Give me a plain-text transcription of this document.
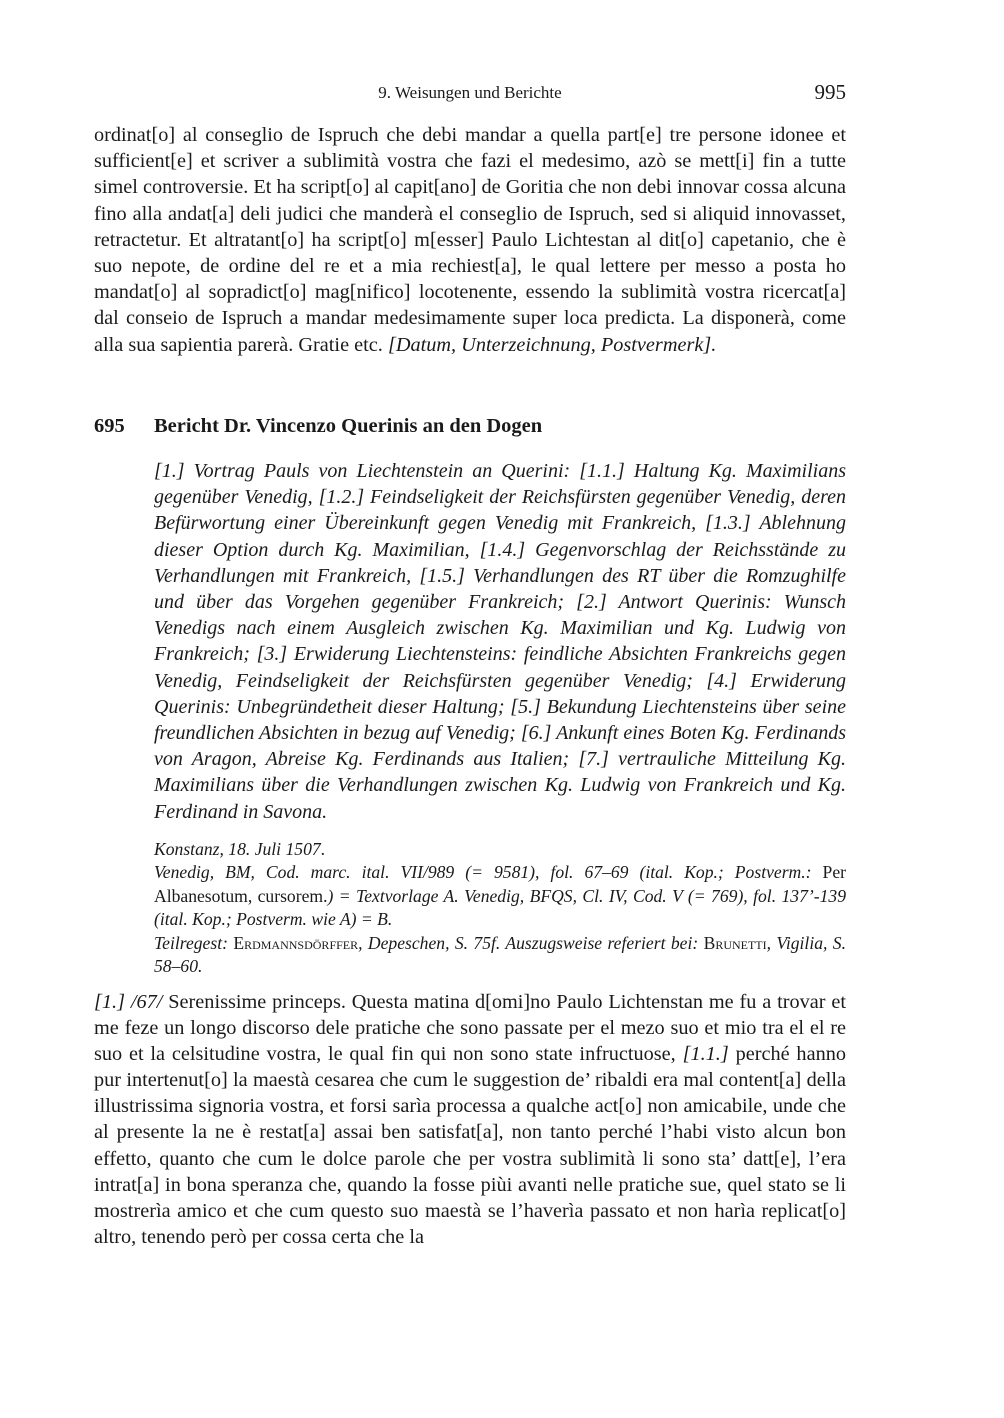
9. Weisungen und Berichte	995

ordinat[o] al conseglio de Ispruch che debi mandar a quella part[e] tre persone idonee et sufficient[e] et scriver a sublimità vostra che fazi el medesimo, azò se mett[i] fin a tutte simel controversie. Et ha script[o] al capit[ano] de Goritia che non debi innovar cossa alcuna fino alla andat[a] deli judici che manderà el conseglio de Ispruch, sed si aliquid innovasset, retractetur. Et altratant[o] ha script[o] m[esser] Paulo Lichtestan al dit[o] capetanio, che è suo nepote, de ordine del re et a mia rechiest[a], le qual lettere per messo a posta ho mandat[o] al sopradict[o] mag[nifico] locotenente, essendo la sublimità vostra ricercat[a] dal conseio de Ispruch a mandar medesimamente super loca predicta. La disponerà, come alla sua sapientia parerà. Gratie etc. [Datum, Unterzeichnung, Postvermerk].

695 Bericht Dr. Vincenzo Querinis an den Dogen

[1.] Vortrag Pauls von Liechtenstein an Querini: [1.1.] Haltung Kg. Maximilians gegenüber Venedig, [1.2.] Feindseligkeit der Reichsfürsten gegenüber Venedig, deren Befürwortung einer Übereinkunft gegen Venedig mit Frankreich, [1.3.] Ablehnung dieser Option durch Kg. Maximilian, [1.4.] Gegenvorschlag der Reichsstände zu Verhandlungen mit Frankreich, [1.5.] Verhandlungen des RT über die Romzughilfe und über das Vorgehen gegenüber Frankreich; [2.] Antwort Querinis: Wunsch Venedigs nach einem Ausgleich zwischen Kg. Maximilian und Kg. Ludwig von Frankreich; [3.] Erwiderung Liechtensteins: feindliche Absichten Frankreichs gegen Venedig, Feindseligkeit der Reichsfürsten gegenüber Venedig; [4.] Erwiderung Querinis: Unbegründetheit dieser Haltung; [5.] Bekundung Liechtensteins über seine freundlichen Absichten in bezug auf Venedig; [6.] Ankunft eines Boten Kg. Ferdinands von Aragon, Abreise Kg. Ferdinands aus Italien; [7.] vertrauliche Mitteilung Kg. Maximilians über die Verhandlungen zwischen Kg. Ludwig von Frankreich und Kg. Ferdinand in Savona.

Konstanz, 18. Juli 1507.

Venedig, BM, Cod. marc. ital. VII/989 (= 9581), fol. 67–69 (ital. Kop.; Postverm.: Per Albanesotum, cursorem.) = Textvorlage A. Venedig, BFQS, Cl. IV, Cod. V (= 769), fol. 137’-139 (ital. Kop.; Postverm. wie A) = B.

Teilregest: Erdmannsdörffer, Depeschen, S. 75f. Auszugsweise referiert bei: Brunetti, Vigilia, S. 58–60.

[1.] /67/ Serenissime princeps. Questa matina d[omi]no Paulo Lichtenstan me fu a trovar et me feze un longo discorso dele pratiche che sono passate per el mezo suo et mio tra el el re suo et la celsitudine vostra, le qual fin qui non sono state infructuose, [1.1.] perché hanno pur intertenut[o] la maestà cesarea che cum le suggestion de’ ribaldi era mal content[a] della illustrissima signoria vostra, et forsi sarìa processa a qualche act[o] non amicabile, unde che al presente la ne è restat[a] assai ben satisfat[a], non tanto perché l’habi visto alcun bon effetto, quanto che cum le dolce parole che per vostra sublimità li sono sta’ datt[e], l’era intrat[a] in bona speranza che, quando la fosse piùi avanti nelle pratiche sue, quel stato se li mostrerìa amico et che cum questo suo maestà se l’haverìa passato et non harìa replicat[o] altro, tenendo però per cossa certa che la
